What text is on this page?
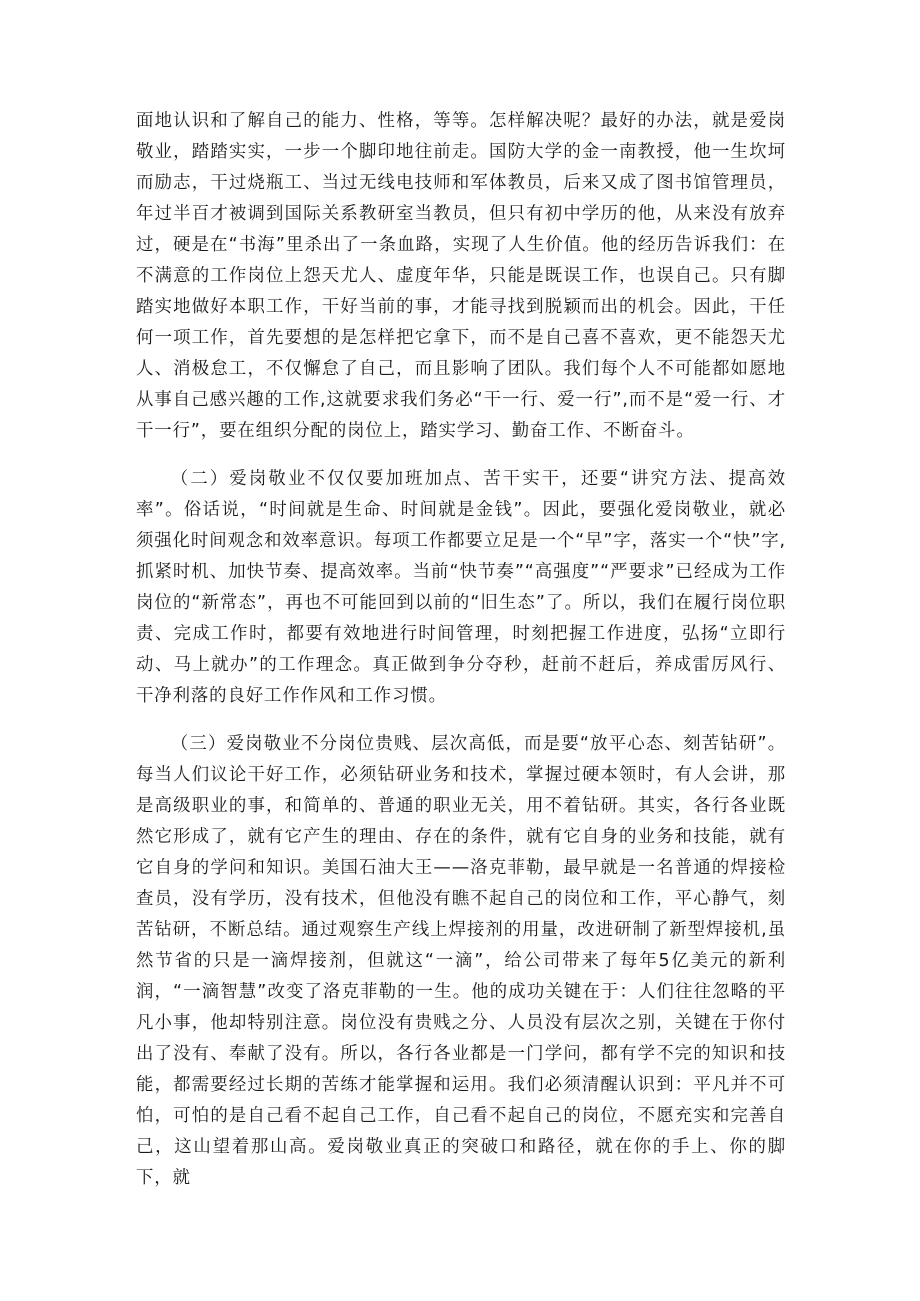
面地认识和了解自己的能力、性格，等等。怎样解决呢？最好的办法，就是爱岗敬业，踏踏实实，一步一个脚印地往前走。国防大学的金一南教授，他一生坎坷而励志，干过烧瓶工、当过无线电技师和军体教员，后来又成了图书馆管理员，年过半百才被调到国际关系教研室当教员，但只有初中学历的他，从来没有放弃过，硬是在“书海”里杀出了一条血路，实现了人生价值。他的经历告诉我们：在不满意的工作岗位上怨天尤人、虚度年华，只能是既误工作，也误自己。只有脚踏实地做好本职工作，干好当前的事，才能寻找到脱颖而出的机会。因此，干任何一项工作，首先要想的是怎样把它拿下，而不是自己喜不喜欢，更不能怨天尤人、消极怠工，不仅懈怠了自己，而且影响了团队。我们每个人不可能都如愿地从事自己感兴趣的工作,这就要求我们务必“干一行、爱一行”,而不是“爱一行、才干一行”，要在组织分配的岗位上，踏实学习、勤奋工作、不断奋斗。

（二）爱岗敬业不仅仅要加班加点、苦干实干，还要“讲究方法、提高效率”。俗话说，“时间就是生命、时间就是金钱”。因此，要强化爱岗敬业，就必须强化时间观念和效率意识。每项工作都要立足是一个“早”字，落实一个“快”字,抓紧时机、加快节奏、提高效率。当前“快节奏”“高强度”“严要求”已经成为工作岗位的“新常态”，再也不可能回到以前的“旧生态”了。所以，我们在履行岗位职责、完成工作时，都要有效地进行时间管理，时刻把握工作进度，弘扬“立即行动、马上就办”的工作理念。真正做到争分夺秒，赶前不赶后，养成雷厉风行、干净利落的良好工作作风和工作习惯。

（三）爱岗敬业不分岗位贵贱、层次高低，而是要“放平心态、刻苦钻研”。每当人们议论干好工作，必须钻研业务和技术，掌握过硬本领时，有人会讲，那是高级职业的事，和简单的、普通的职业无关，用不着钻研。其实，各行各业既然它形成了，就有它产生的理由、存在的条件，就有它自身的业务和技能，就有它自身的学问和知识。美国石油大王——洛克菲勒，最早就是一名普通的焊接检查员，没有学历，没有技术，但他没有瞧不起自己的岗位和工作，平心静气，刻苦钻研，不断总结。通过观察生产线上焊接剂的用量，改进研制了新型焊接机,虽然节省的只是一滴焊接剂，但就这“一滴”，给公司带来了每年5亿美元的新利润，“一滴智慧”改变了洛克菲勒的一生。他的成功关键在于：人们往往忽略的平凡小事，他却特别注意。岗位没有贵贱之分、人员没有层次之别，关键在于你付出了没有、奉献了没有。所以，各行各业都是一门学问，都有学不完的知识和技能，都需要经过长期的苦练才能掌握和运用。我们必须清醒认识到：平凡并不可怕，可怕的是自己看不起自己工作，自己看不起自己的岗位，不愿充实和完善自己，这山望着那山高。爱岗敬业真正的突破口和路径，就在你的手上、你的脚下，就
